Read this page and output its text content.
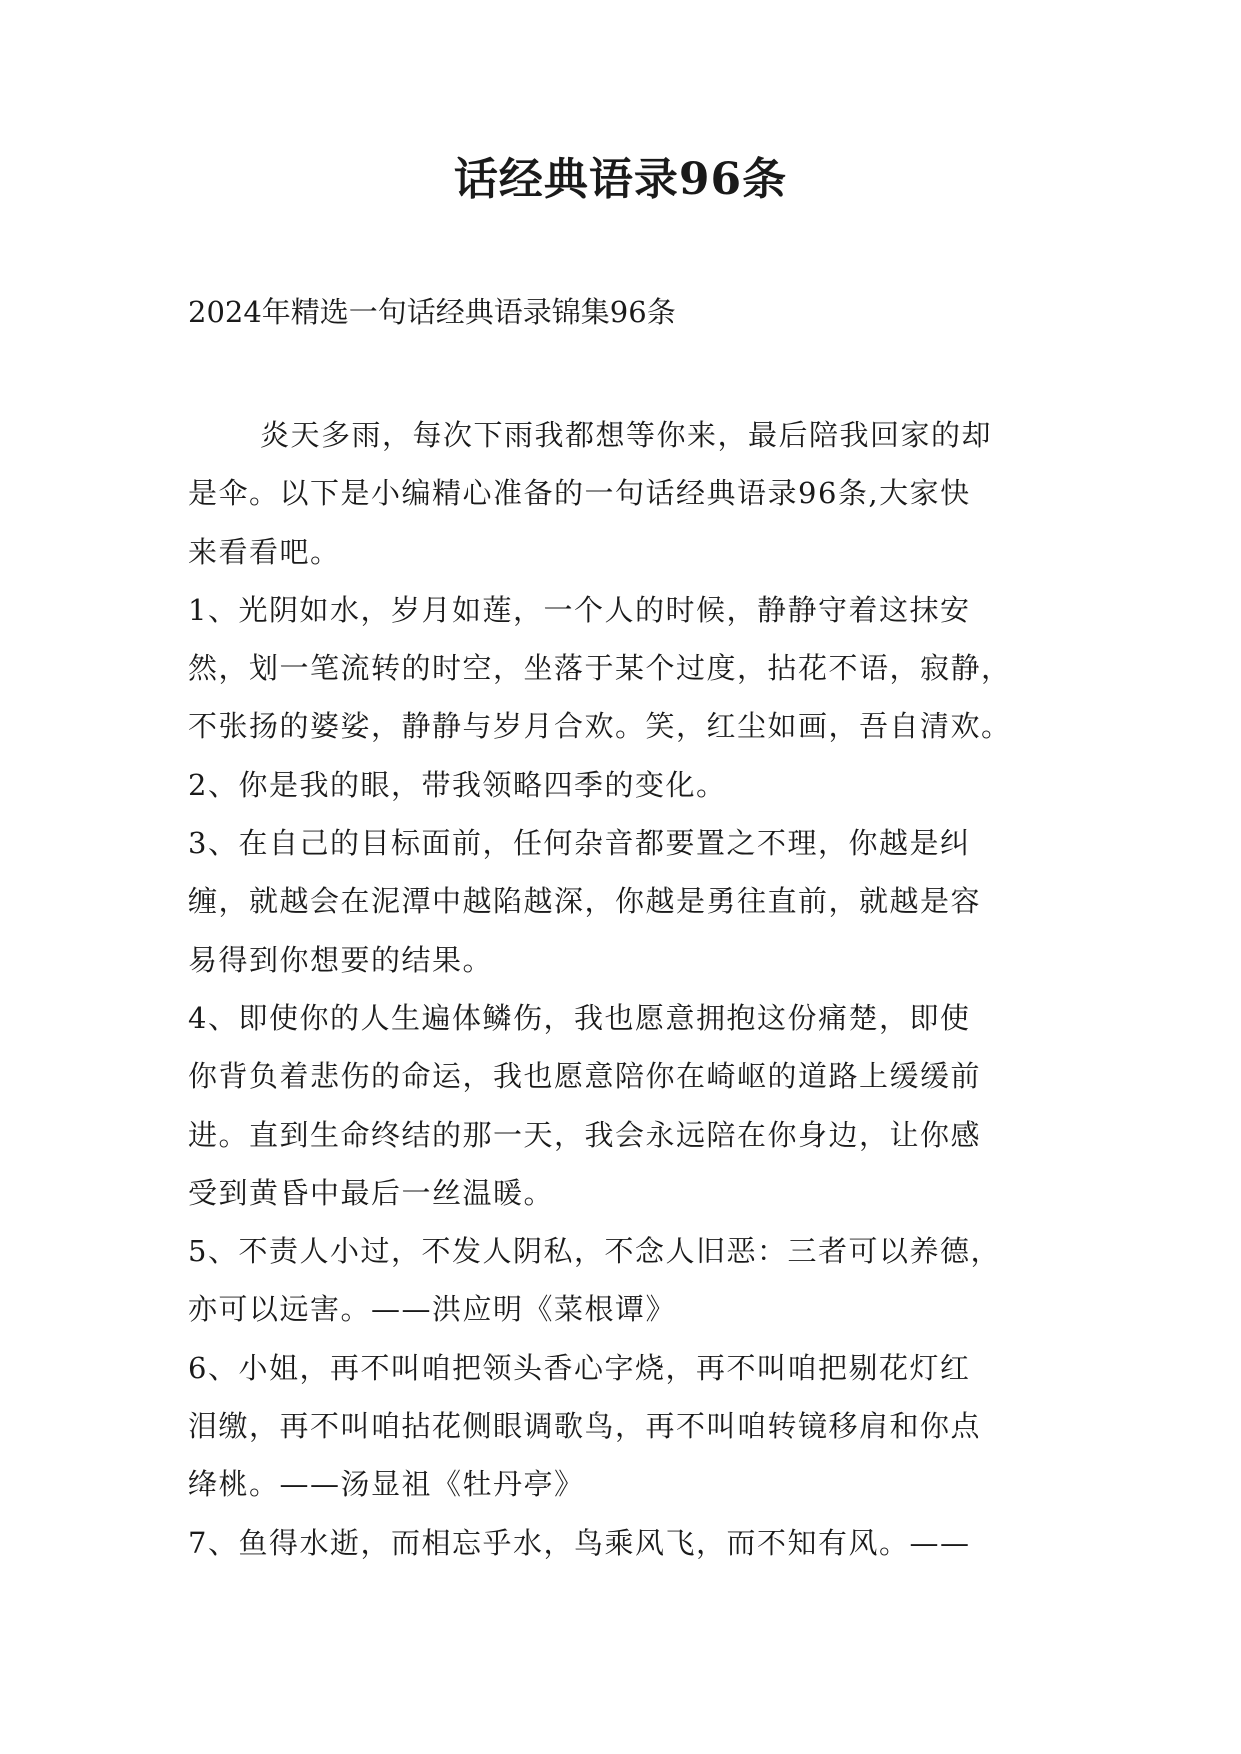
话经典语录96条
2024年精选一句话经典语录锦集96条
炎天多雨，每次下雨我都想等你来，最后陪我回家的却
是伞。以下是小编精心准备的一句话经典语录96条,大家快
来看看吧。
1、光阴如水，岁月如莲，一个人的时候，静静守着这抹安
然，划一笔流转的时空，坐落于某个过度，拈花不语，寂静，
不张扬的婆娑，静静与岁月合欢。笑，红尘如画，吾自清欢。
2、你是我的眼，带我领略四季的变化。
3、在自己的目标面前，任何杂音都要置之不理，你越是纠
缠，就越会在泥潭中越陷越深，你越是勇往直前，就越是容
易得到你想要的结果。
4、即使你的人生遍体鳞伤，我也愿意拥抱这份痛楚，即使
你背负着悲伤的命运，我也愿意陪你在崎岖的道路上缓缓前
进。直到生命终结的那一天，我会永远陪在你身边，让你感
受到黄昏中最后一丝温暖。
5、不责人小过，不发人阴私，不念人旧恶：三者可以养德，
亦可以远害。——洪应明《菜根谭》
6、小姐，再不叫咱把领头香心字烧，再不叫咱把剔花灯红
泪缴，再不叫咱拈花侧眼调歌鸟，再不叫咱转镜移肩和你点
绛桃。——汤显祖《牡丹亭》
7、鱼得水逝，而相忘乎水，鸟乘风飞，而不知有风。——
